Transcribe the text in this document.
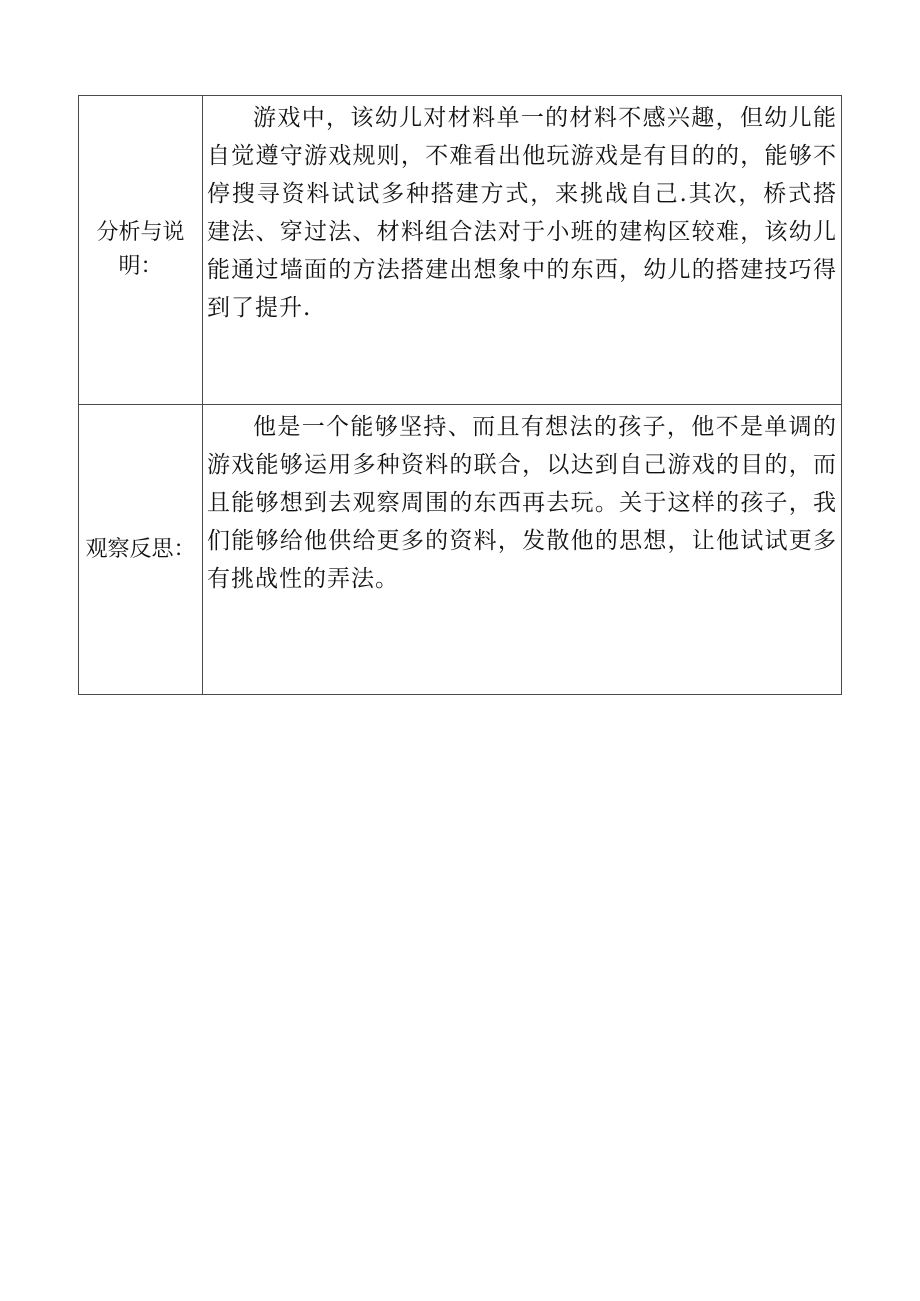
分析与说明：	游戏中，该幼儿对材料单一的材料不感兴趣，但幼儿能自觉遵守游戏规则，不难看出他玩游戏是有目的的，能够不停搜寻资料试试多种搭建方式，来挑战自己.其次，桥式搭建法、穿过法、材料组合法对于小班的建构区较难，该幼儿能通过墙面的方法搭建出想象中的东西，幼儿的搭建技巧得到了提升.

观察反思：	他是一个能够坚持、而且有想法的孩子，他不是单调的游戏能够运用多种资料的联合，以达到自己游戏的目的，而且能够想到去观察周围的东西再去玩。关于这样的孩子，我们能够给他供给更多的资料，发散他的思想，让他试试更多有挑战性的弄法。
